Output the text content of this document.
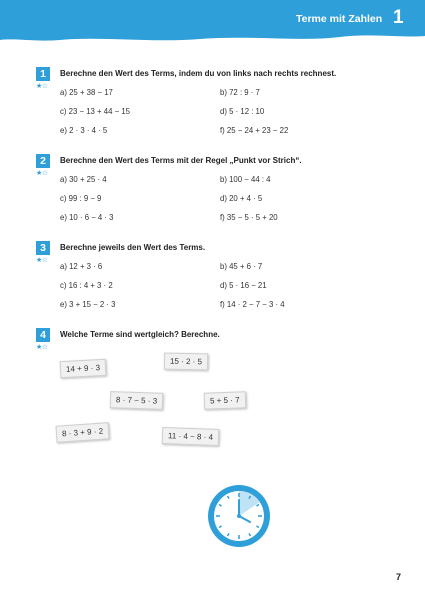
Terme mit Zahlen 1
1
★☆
Berechne den Wert des Terms, indem du von links nach rechts rechnest.
a) 25 + 38 − 17	b) 72 : 9 · 7
c) 23 − 13 + 44 − 15	d) 5 · 12 : 10
e) 2 · 3 · 4 · 5	f) 25 − 24 + 23 − 22
2
★☆
Berechne den Wert des Terms mit der Regel „Punkt vor Strich“.
a) 30 + 25 · 4	b) 100 − 44 : 4
c) 99 : 9 − 9	d) 20 + 4 · 5
e) 10 · 6 − 4 · 3	f) 35 − 5 · 5 + 20
3
★☆
Berechne jeweils den Wert des Terms.
a) 12 + 3 · 6	b) 45 + 6 · 7
c) 16 : 4 + 3 · 2	d) 5 · 16 − 21
e) 3 + 15 − 2 · 3	f) 14 · 2 − 7 − 3 · 4
4
★☆
Welche Terme sind wertgleich? Berechne.
14 + 9 · 3
15 · 2 · 5
8 · 7 − 5 · 3	5 + 5 · 7
8 · 3 + 9 · 2	11 · 4 − 8 · 4
7
